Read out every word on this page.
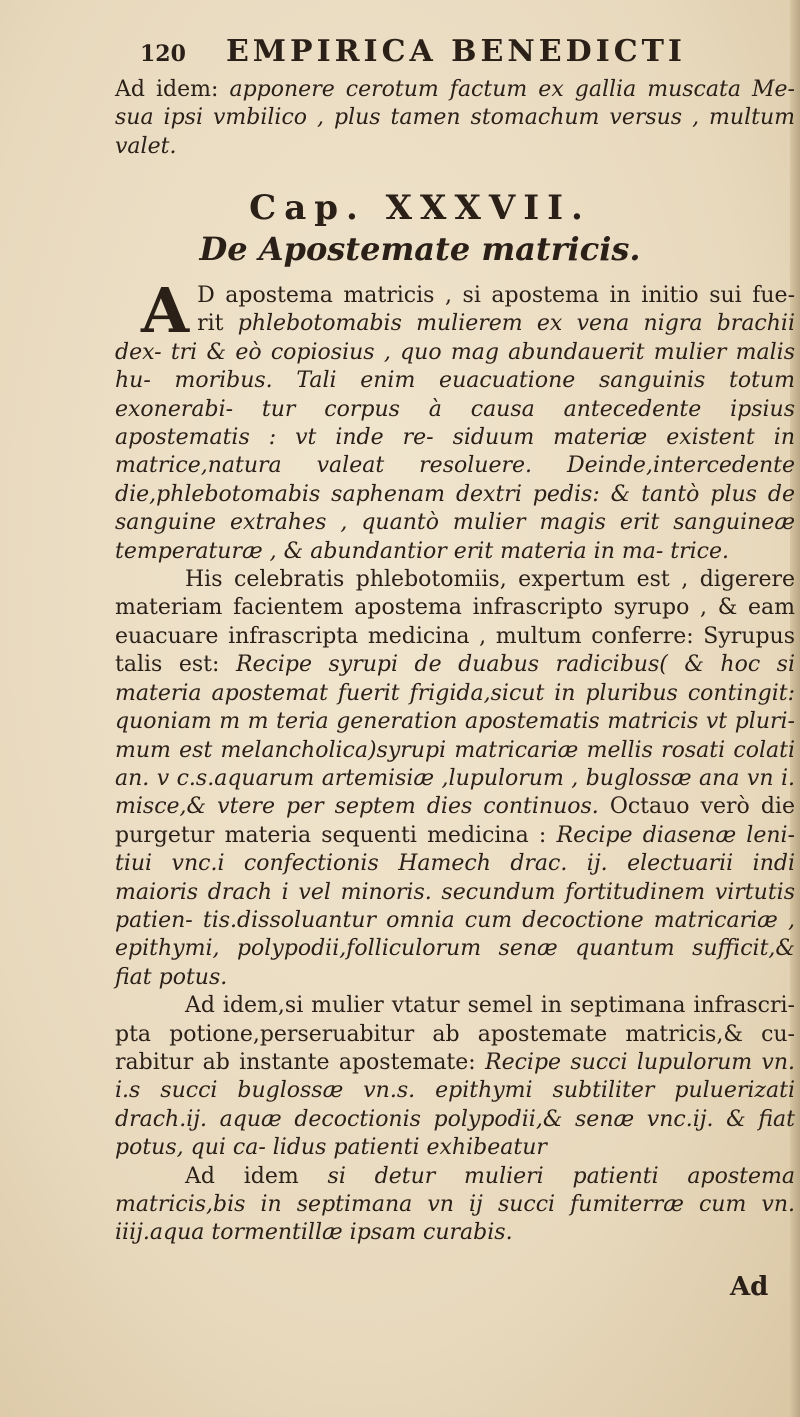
120 EMPIRICA BENEDICTI
Ad idem: apponere cerotum factum ex gallia muscata Me- sua ipsi vmbilico , plus tamen stomachum versus , multum valet.
Cap. XXXVII.
De Apostemate matricis.

A D apostema matricis , si apostema in initio sui fue- rit phlebotomabis mulierem ex vena nigra brachii dex- tri & eò copiosius , quo mag abundauerit mulier malis hu- moribus. Tali enim euacuatione sanguinis totum exonerabi- tur corpus à causa antecedente ipsius apostematis : vt inde re- siduum materiæ existent in matrice,natura valeat resoluere. Deinde,intercedente die,phlebotomabis saphenam dextri pedis: & tantò plus de sanguine extrahes , quantò mulier magis erit sanguineæ temperaturæ , & abundantior erit materia in ma- trice.

His celebratis phlebotomiis, expertum est , digerere materiam facientem apostema infrascripto syrupo , & eam euacuare infrascripta medicina , multum conferre: Syrupus talis est: Recipe syrupi de duabus radicibus( & hoc si materia apostemat fuerit frigida,sicut in pluribus contingit: quoniam m m teria generation apostematis matricis vt pluri- mum est melancholica)syrupi matricariæ mellis rosati colati an. v c.s.aquarum artemisiæ ,lupulorum , buglossæ ana vn i. misce,& vtere per septem dies continuos. Octauo verò die purgetur materia sequenti medicina : Recipe diasenæ leni- tiui vnc.i confectionis Hamech drac. ij. electuarii indi maioris drach i vel minoris. secundum fortitudinem virtutis patien- tis.dissoluantur omnia cum decoctione matricariæ , epithymi, polypodii,folliculorum senæ quantum sufficit,& fiat potus.

Ad idem,si mulier vtatur semel in septimana infrascri- pta potione,perseruabitur ab apostemate matricis,& cu- rabitur ab instante apostemate: Recipe succi lupulorum vn. i.s succi buglossæ vn.s. epithymi subtiliter puluerizati drach.ij. aquæ decoctionis polypodii,& senæ vnc.ij. & fiat potus, qui ca- lidus patienti exhibeatur

Ad idem si detur mulieri patienti apostema matricis,bis in septimana vn ij succi fumiterræ cum vn. iiij.aqua tormentillæ ipsam curabis.

Ad
